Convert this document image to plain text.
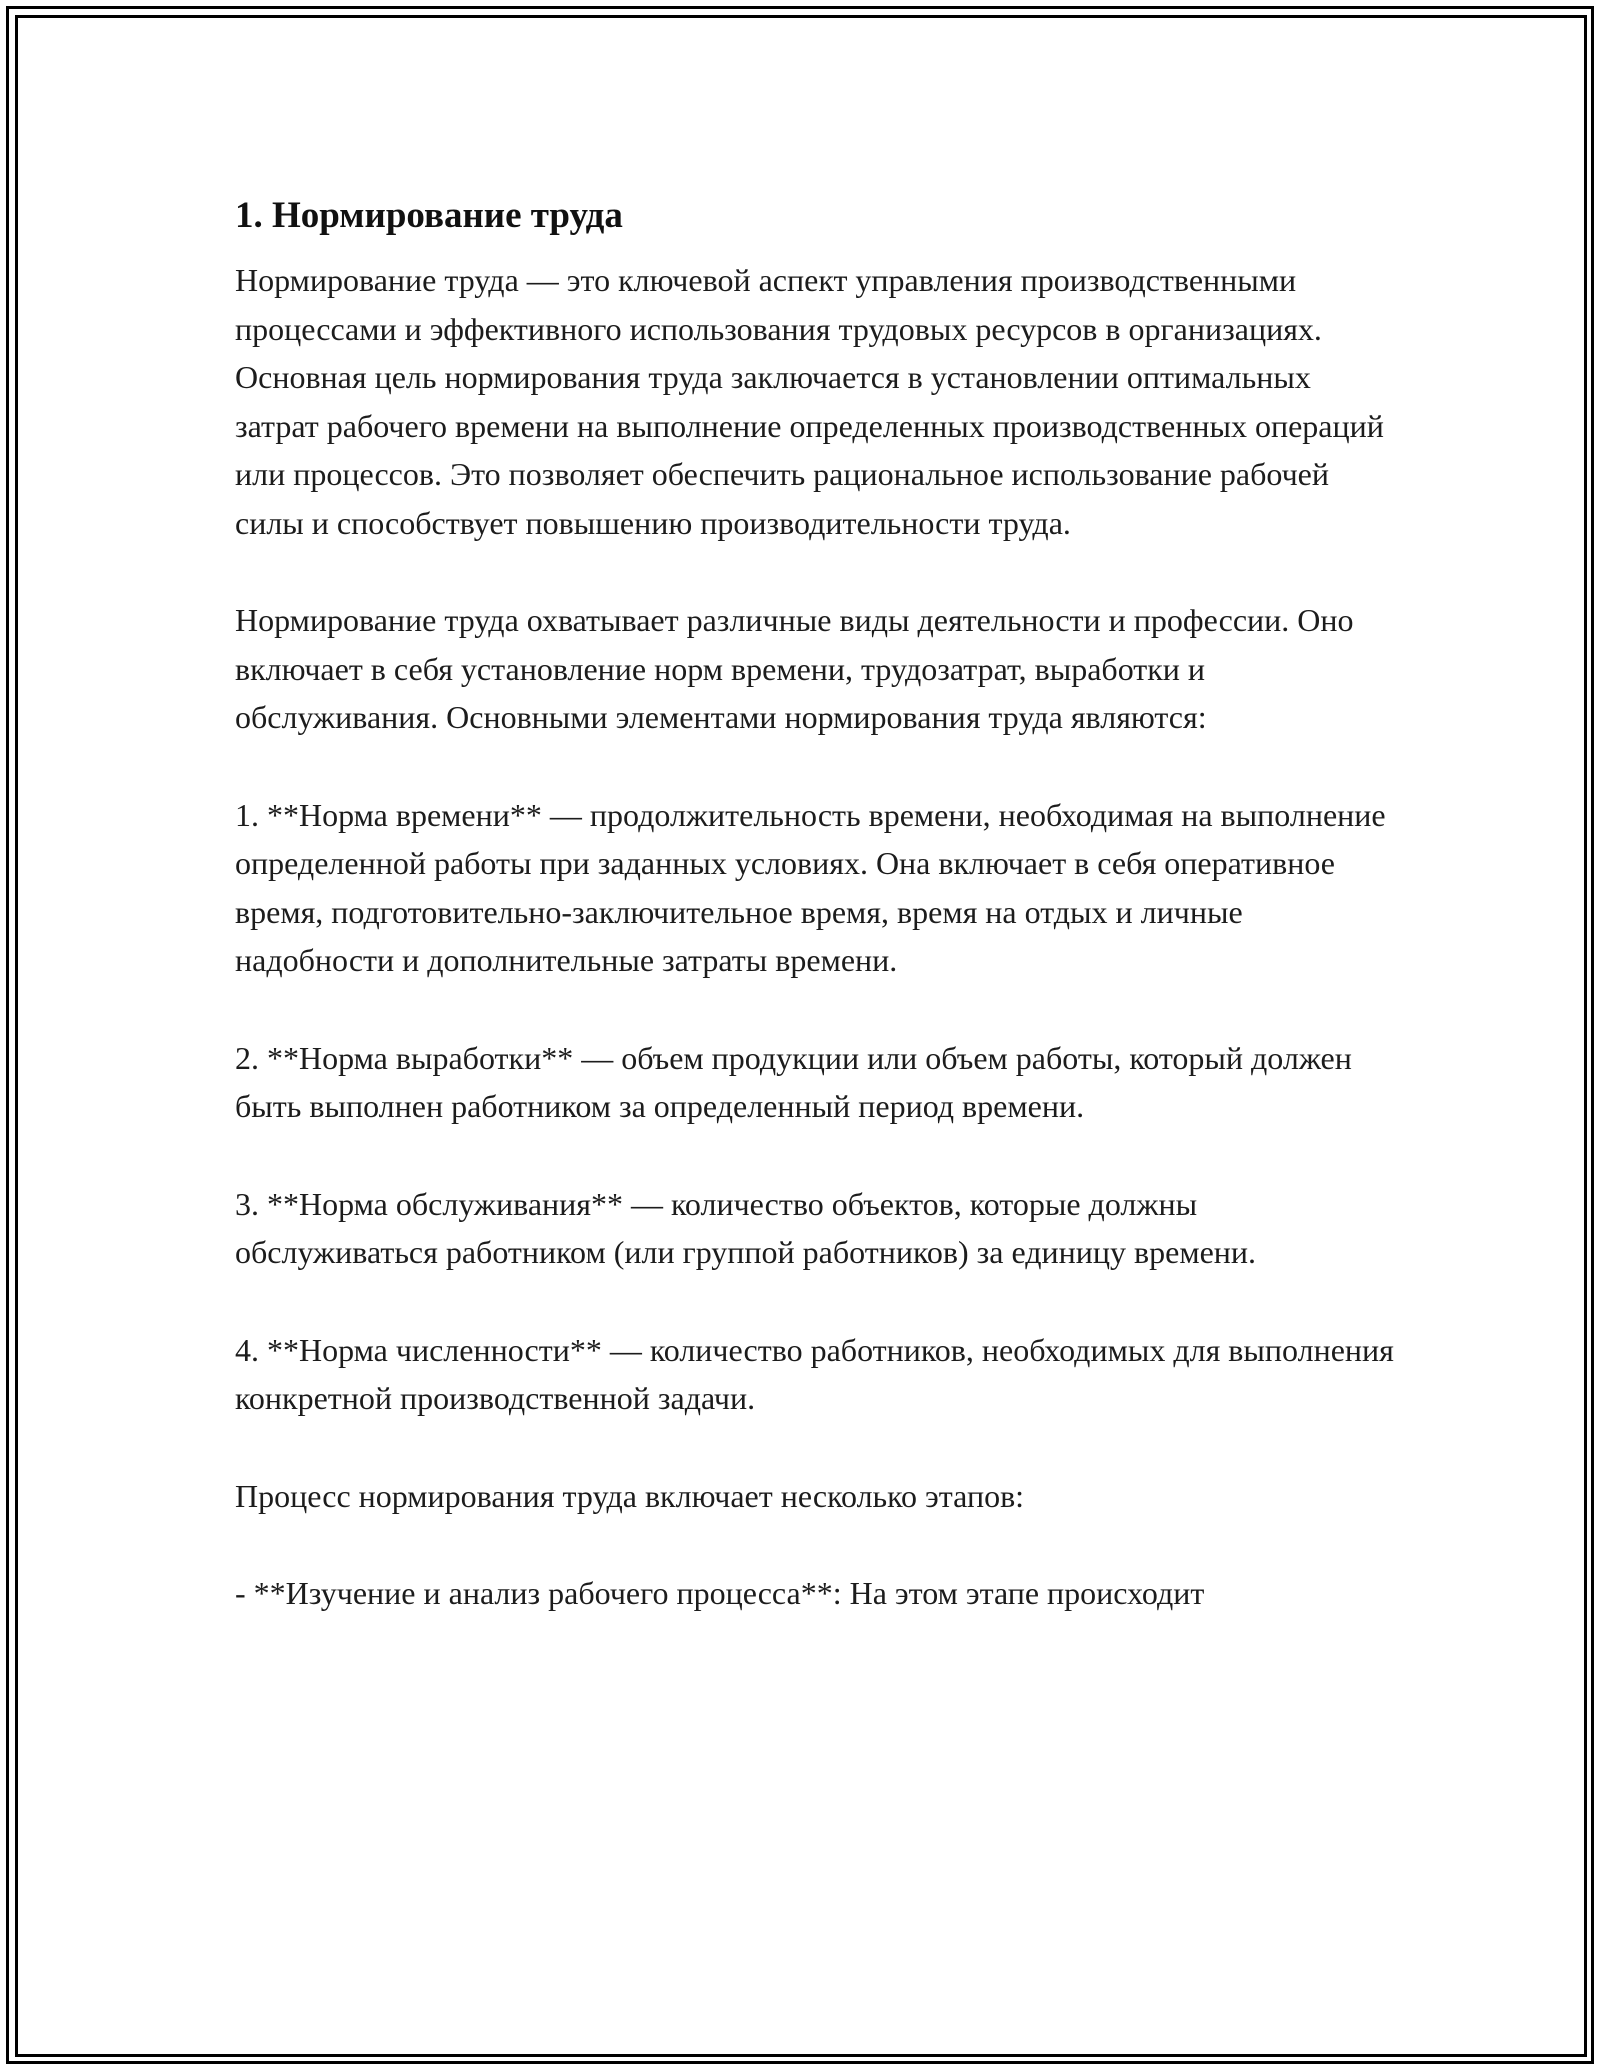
1. Нормирование труда

Нормирование труда — это ключевой аспект управления производственными процессами и эффективного использования трудовых ресурсов в организациях. Основная цель нормирования труда заключается в установлении оптимальных затрат рабочего времени на выполнение определенных производственных операций или процессов. Это позволяет обеспечить рациональное использование рабочей силы и способствует повышению производительности труда.

Нормирование труда охватывает различные виды деятельности и профессии. Оно включает в себя установление норм времени, трудозатрат, выработки и обслуживания. Основными элементами нормирования труда являются:

1. **Норма времени** — продолжительность времени, необходимая на выполнение определенной работы при заданных условиях. Она включает в себя оперативное время, подготовительно-заключительное время, время на отдых и личные надобности и дополнительные затраты времени.

2. **Норма выработки** — объем продукции или объем работы, который должен быть выполнен работником за определенный период времени.

3. **Норма обслуживания** — количество объектов, которые должны обслуживаться работником (или группой работников) за единицу времени.

4. **Норма численности** — количество работников, необходимых для выполнения конкретной производственной задачи.

Процесс нормирования труда включает несколько этапов:

- **Изучение и анализ рабочего процесса**: На этом этапе происходит
